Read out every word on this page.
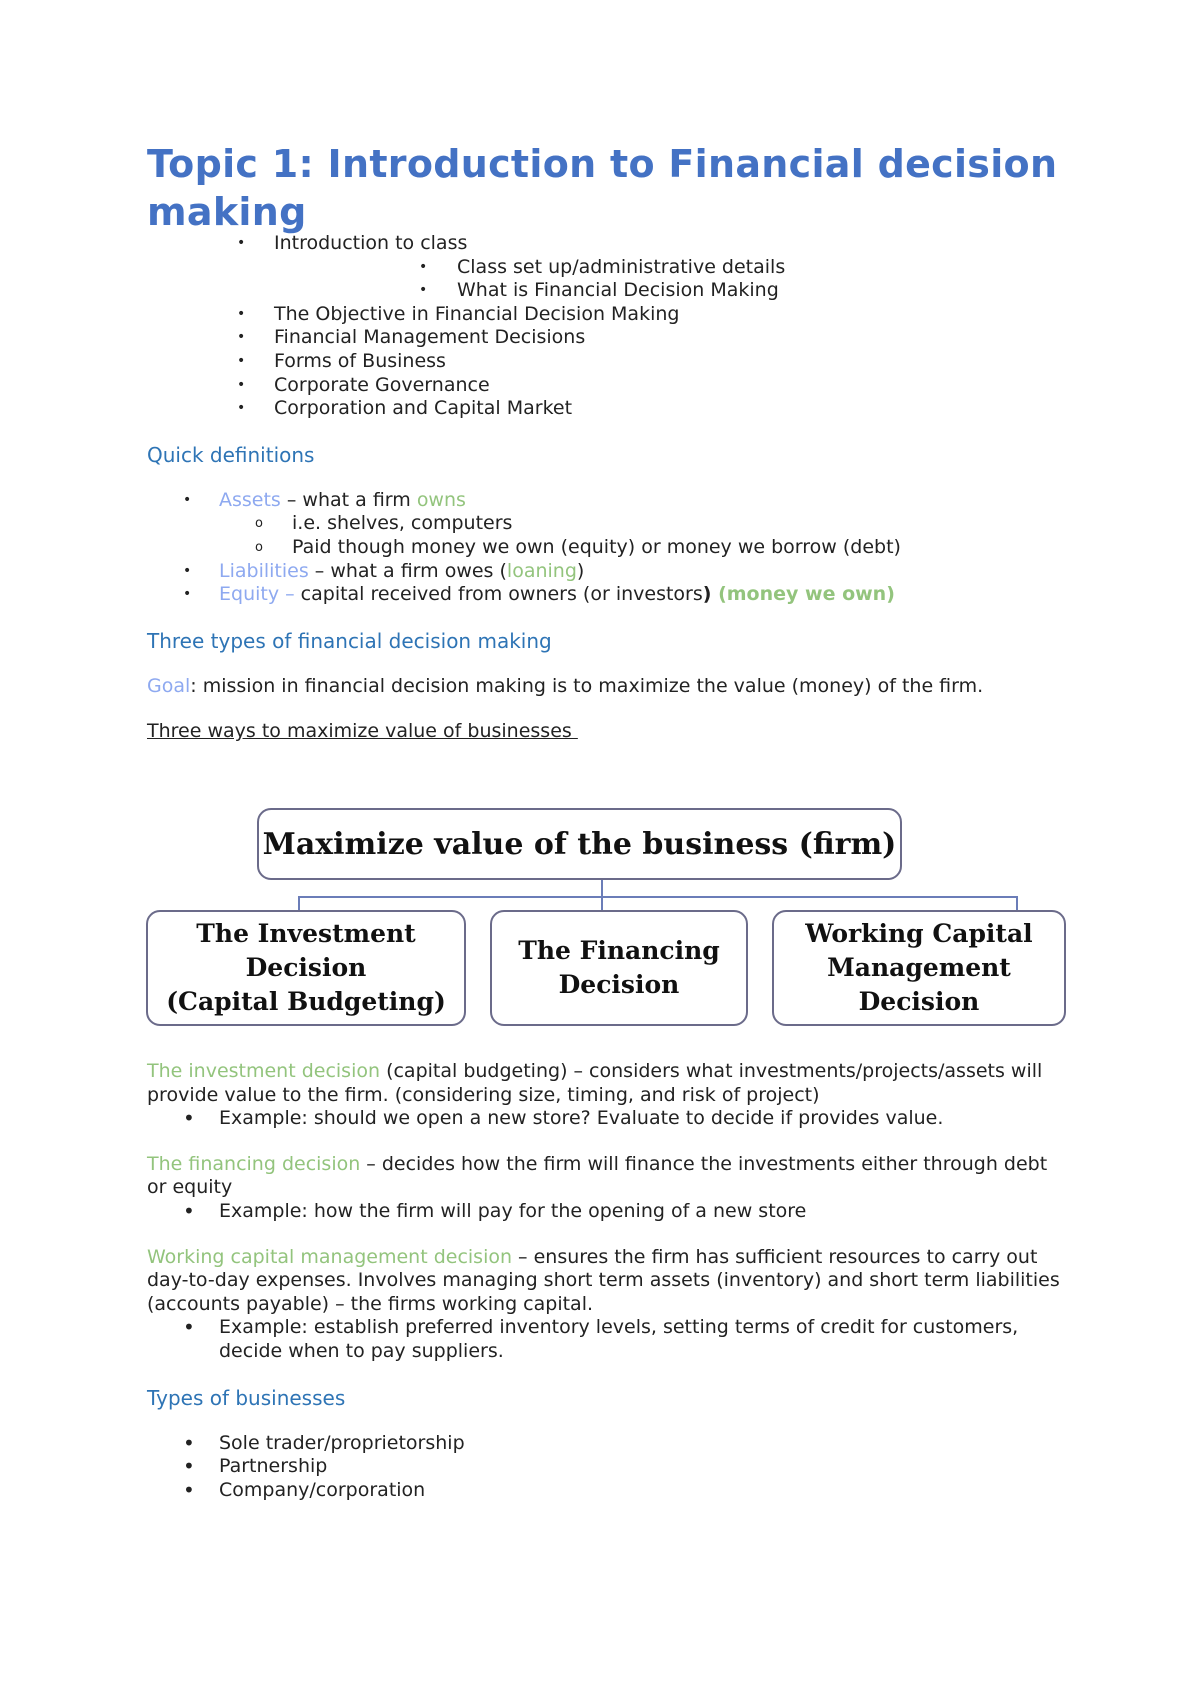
Topic 1: Introduction to Financial decision making
• Introduction to class
• Class set up/administrative details
• What is Financial Decision Making
• The Objective in Financial Decision Making
• Financial Management Decisions
• Forms of Business
• Corporate Governance
• Corporation and Capital Market

Quick definitions

• Assets – what a firm owns
o i.e. shelves, computers
o Paid though money we own (equity) or money we borrow (debt)
• Liabilities – what a firm owes (loaning)
• Equity – capital received from owners (or investors) (money we own)

Three types of financial decision making

Goal: mission in financial decision making is to maximize the value (money) of the firm.

Three ways to maximize value of businesses

Maximize value of the business (firm)
The Investment
Decision
(Capital Budgeting)
The Financing
Decision
Working Capital
Management
Decision

The investment decision (capital budgeting) – considers what investments/projects/assets will provide value to the firm. (considering size, timing, and risk of project)

• Example: should we open a new store? Evaluate to decide if provides value.

The financing decision – decides how the firm will finance the investments either through debt or equity

• Example: how the firm will pay for the opening of a new store

Working capital management decision – ensures the firm has sufficient resources to carry out day-to-day expenses. Involves managing short term assets (inventory) and short term liabilities (accounts payable) – the firms working capital.

• Example: establish preferred inventory levels, setting terms of credit for customers, decide when to pay suppliers.

Types of businesses

• Sole trader/proprietorship
• Partnership
• Company/corporation
